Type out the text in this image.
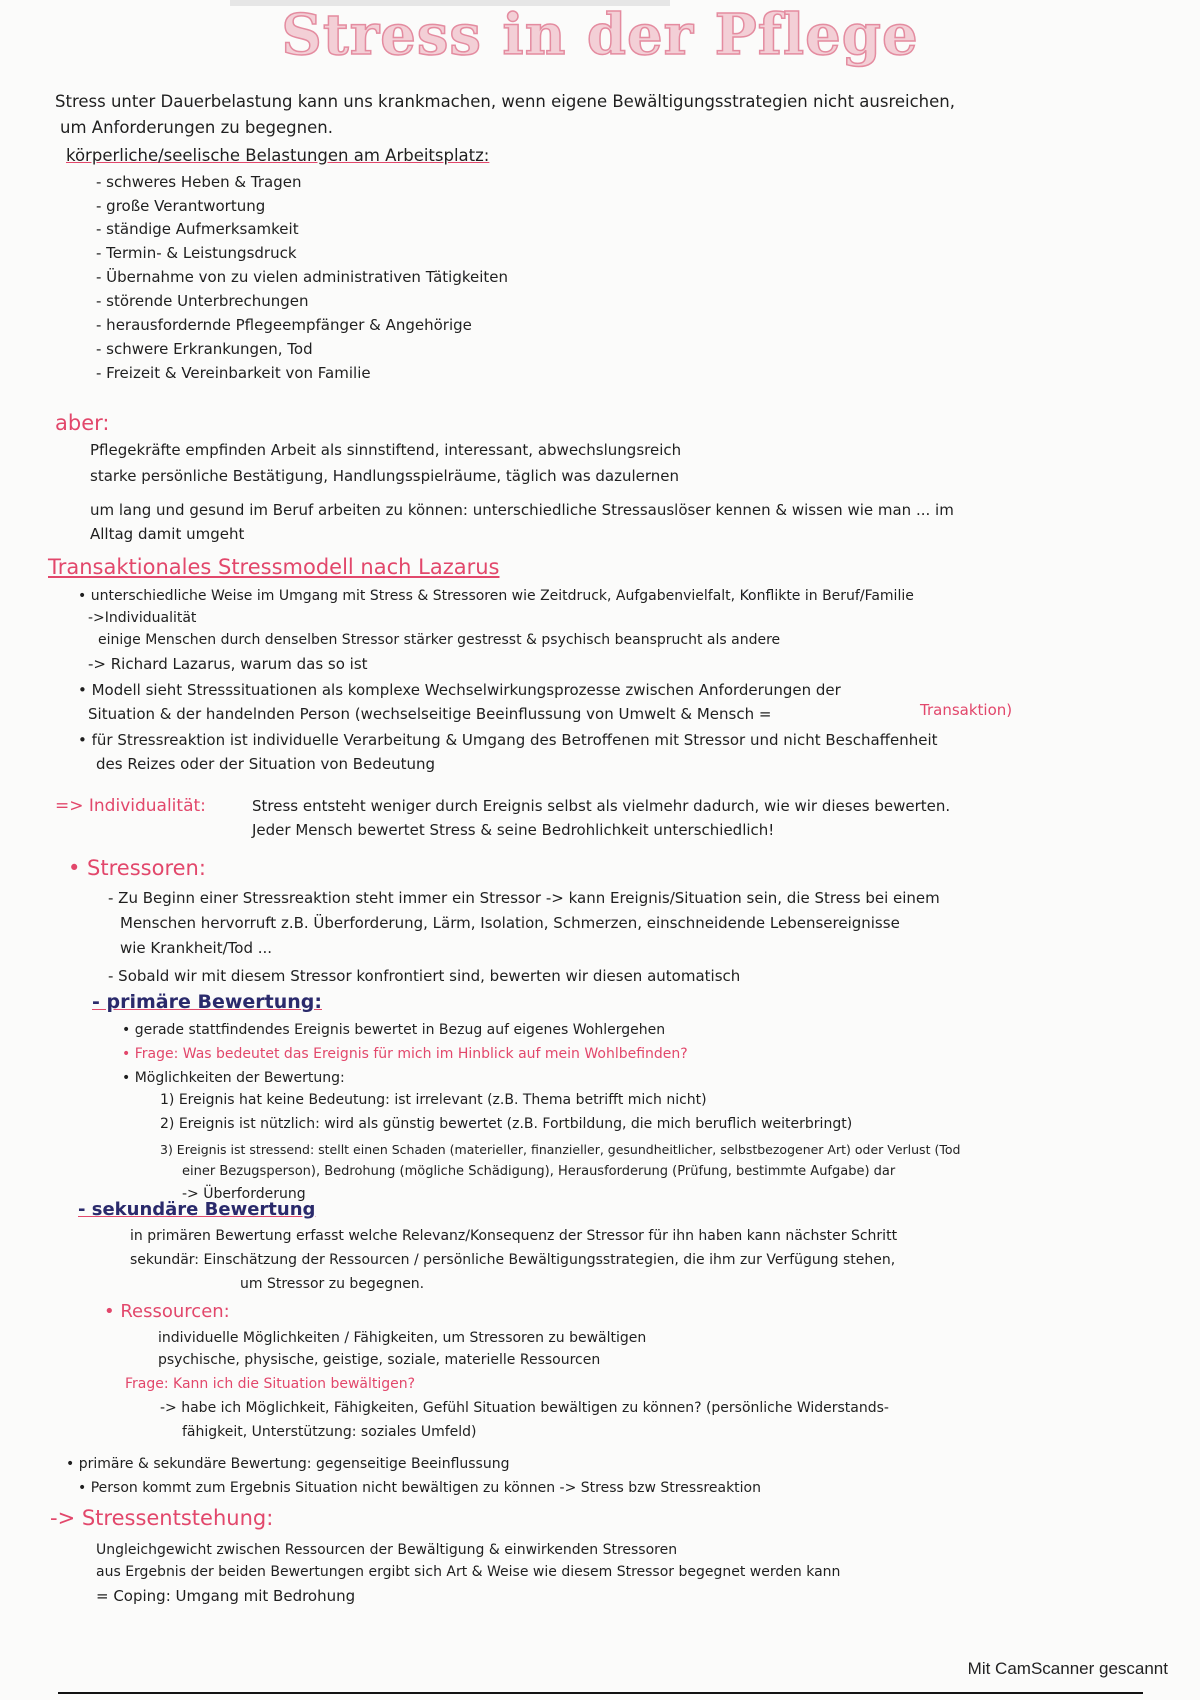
Stress in der Pflege
Stress unter Dauerbelastung kann uns krankmachen, wenn eigene Bewältigungsstrategien nicht ausreichen,
um Anforderungen zu begegnen.
körperliche/seelische Belastungen am Arbeitsplatz:
- schweres Heben & Tragen
- große Verantwortung
- ständige Aufmerksamkeit
- Termin- & Leistungsdruck
- Übernahme von zu vielen administrativen Tätigkeiten
- störende Unterbrechungen
- herausfordernde Pflegeempfänger & Angehörige
- schwere Erkrankungen, Tod
- Freizeit & Vereinbarkeit von Familie
aber:
Pflegekräfte empfinden Arbeit als sinnstiftend, interessant, abwechslungsreich
starke persönliche Bestätigung, Handlungsspielräume, täglich was dazulernen
um lang und gesund im Beruf arbeiten zu können: unterschiedliche Stressauslöser kennen & wissen wie man ... im
Alltag damit umgeht
Transaktionales Stressmodell nach Lazarus
• unterschiedliche Weise im Umgang mit Stress & Stressoren wie Zeitdruck, Aufgabenvielfalt, Konflikte in Beruf/Familie
->Individualität
einige Menschen durch denselben Stressor stärker gestresst & psychisch beansprucht als andere
-> Richard Lazarus, warum das so ist
• Modell sieht Stresssituationen als komplexe Wechselwirkungsprozesse zwischen Anforderungen der
Situation & der handelnden Person (wechselseitige Beeinflussung von Umwelt & Mensch =	Transaktion)
• für Stressreaktion ist individuelle Verarbeitung & Umgang des Betroffenen mit Stressor und nicht Beschaffenheit
des Reizes oder der Situation von Bedeutung
=> Individualität:	Stress entsteht weniger durch Ereignis selbst als vielmehr dadurch, wie wir dieses bewerten.
Jeder Mensch bewertet Stress & seine Bedrohlichkeit unterschiedlich!
• Stressoren:
- Zu Beginn einer Stressreaktion steht immer ein Stressor -> kann Ereignis/Situation sein, die Stress bei einem
Menschen hervorruft z.B. Überforderung, Lärm, Isolation, Schmerzen, einschneidende Lebensereignisse
wie Krankheit/Tod ...
- Sobald wir mit diesem Stressor konfrontiert sind, bewerten wir diesen automatisch
- primäre Bewertung:
• gerade stattfindendes Ereignis bewertet in Bezug auf eigenes Wohlergehen
• Frage: Was bedeutet das Ereignis für mich im Hinblick auf mein Wohlbefinden?
• Möglichkeiten der Bewertung:
1) Ereignis hat keine Bedeutung: ist irrelevant (z.B. Thema betrifft mich nicht)
2) Ereignis ist nützlich: wird als günstig bewertet (z.B. Fortbildung, die mich beruflich weiterbringt)
3) Ereignis ist stressend: stellt einen Schaden (materieller, finanzieller, gesundheitlicher, selbstbezogener Art) oder Verlust (Tod
einer Bezugsperson), Bedrohung (mögliche Schädigung), Herausforderung (Prüfung, bestimmte Aufgabe) dar
-> Überforderung
- sekundäre Bewertung
in primären Bewertung erfasst welche Relevanz/Konsequenz der Stressor für ihn haben kann nächster Schritt
sekundär: Einschätzung der Ressourcen / persönliche Bewältigungsstrategien, die ihm zur Verfügung stehen,
um Stressor zu begegnen.
• Ressourcen:
individuelle Möglichkeiten / Fähigkeiten, um Stressoren zu bewältigen
psychische, physische, geistige, soziale, materielle Ressourcen
Frage: Kann ich die Situation bewältigen?
-> habe ich Möglichkeit, Fähigkeiten, Gefühl Situation bewältigen zu können? (persönliche Widerstands-
fähigkeit, Unterstützung: soziales Umfeld)
• primäre & sekundäre Bewertung: gegenseitige Beeinflussung
• Person kommt zum Ergebnis Situation nicht bewältigen zu können -> Stress bzw Stressreaktion
-> Stressentstehung:
Ungleichgewicht zwischen Ressourcen der Bewältigung & einwirkenden Stressoren
aus Ergebnis der beiden Bewertungen ergibt sich Art & Weise wie diesem Stressor begegnet werden kann
= Coping: Umgang mit Bedrohung
Mit CamScanner gescannt
